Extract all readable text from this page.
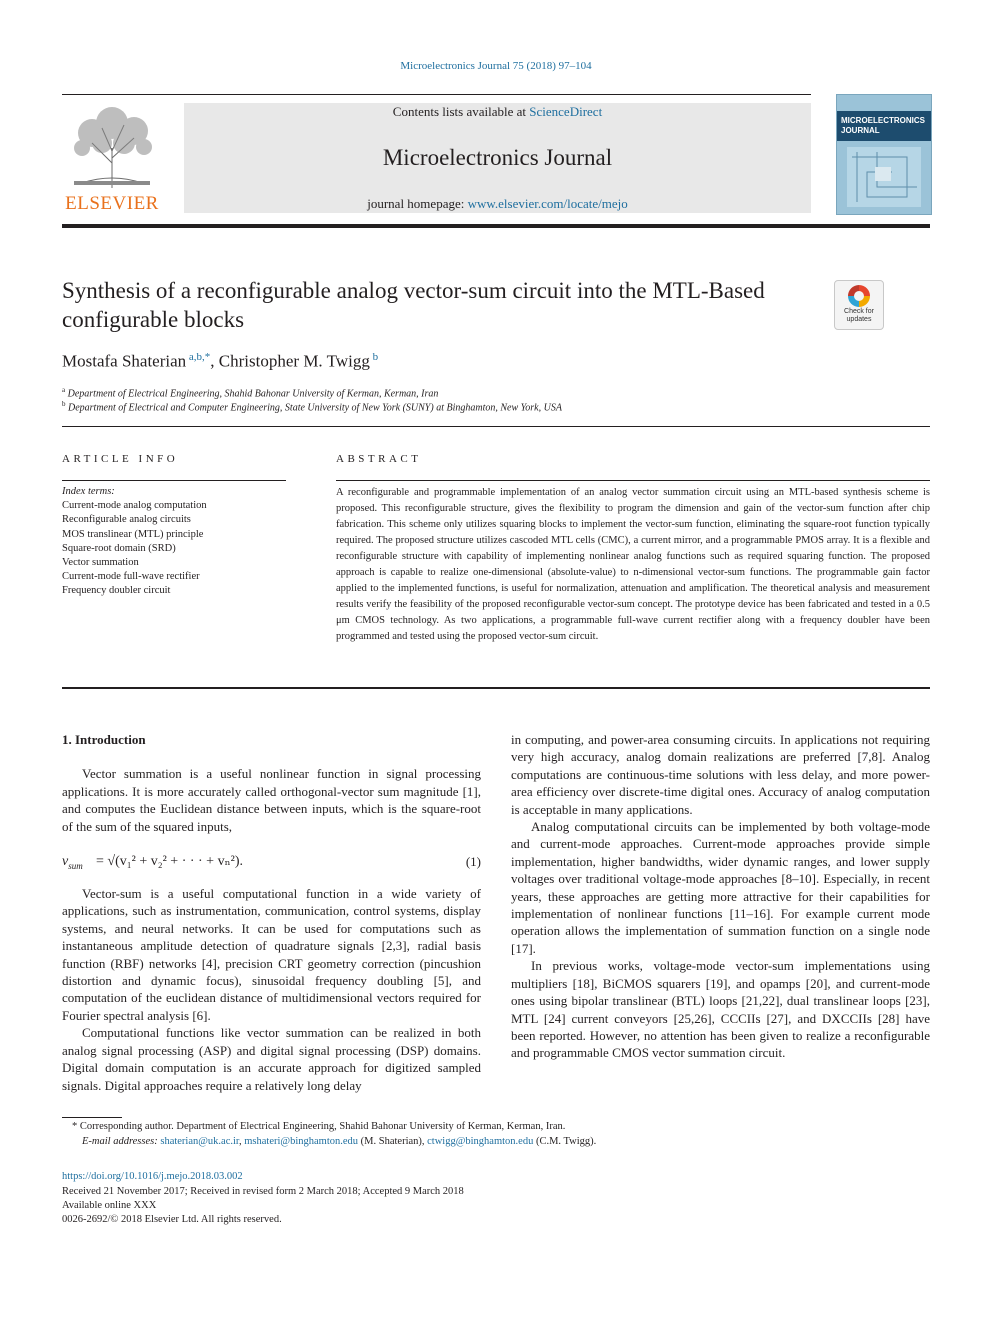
Microelectronics Journal 75 (2018) 97–104
ELSEVIER
Contents lists available at ScienceDirect
Microelectronics Journal
journal homepage: www.elsevier.com/locate/mejo
MICROELECTRONICS JOURNAL
Synthesis of a reconfigurable analog vector-sum circuit into the MTL-Based configurable blocks	Check for updates
Mostafa Shaterian $^{a,b,*}$, Christopher M. Twigg $^b$
$^a$ Department of Electrical Engineering, Shahid Bahonar University of Kerman, Kerman, Iran
$^b$ Department of Electrical and Computer Engineering, State University of New York (SUNY) at Binghamton, New York, USA
ARTICLE INFO	ABSTRACT
Index terms:
Current-mode analog computation
Reconfigurable analog circuits
MOS translinear (MTL) principle
Square-root domain (SRD)
Vector summation
Current-mode full-wave rectifier
Frequency doubler circuit
A reconfigurable and programmable implementation of an analog vector summation circuit using an MTL-based synthesis scheme is proposed. This reconfigurable structure, gives the flexibility to program the dimension and gain of the vector-sum function after chip fabrication. This scheme only utilizes squaring blocks to implement the vector-sum function, eliminating the square-root function typically required. The proposed structure utilizes cascoded MTL cells (CMC), a current mirror, and a programmable PMOS array. It is a flexible and reconfigurable structure with capability of implementing nonlinear analog functions such as required squaring function. The proposed approach is capable to realize one-dimensional (absolute-value) to n-dimensional vector-sum functions. The programmable gain factor applied to the implemented functions, is useful for normalization, attenuation and amplification. The theoretical analysis and measurement results verify the feasibility of the proposed reconfigurable vector-sum concept. The prototype device has been fabricated and tested in a 0.5 μm CMOS technology. As two applications, a programmable full-wave current rectifier along with a frequency doubler have been programmed and tested using the proposed vector-sum circuit.

1. Introduction

Vector summation is a useful nonlinear function in signal processing applications. It is more accurately called orthogonal-vector sum magnitude [1], and computes the Euclidean distance between inputs, which is the square-root of the sum of the squared inputs,

$v_{sum} = √(v_1^2 + v_2^2$ + · · · + vₙ²).	(1)

Vector-sum is a useful computational function in a wide variety of applications, such as instrumentation, communication, control systems, display systems, and neural networks. It can be used for computations such as instantaneous amplitude detection of quadrature signals [2,3], radial basis function (RBF) networks [4], precision CRT geometry correction (pincushion distortion and dynamic focus), sinusoidal frequency doubling [5], and computation of the euclidean distance of multidimensional vectors required for Fourier spectral analysis [6].

Computational functions like vector summation can be realized in both analog signal processing (ASP) and digital signal processing (DSP) domains. Digital domain computation is an accurate approach for digitized sampled signals. Digital approaches require a relatively long delay

in computing, and power-area consuming circuits. In applications not requiring very high accuracy, analog domain realizations are preferred [7,8]. Analog computations are continuous-time solutions with less delay, and more power-area efficiency over discrete-time digital ones. Accuracy of analog computation is acceptable in many applications.

Analog computational circuits can be implemented by both voltage-mode and current-mode approaches. Current-mode approaches provide simple implementation, higher bandwidths, wider dynamic ranges, and lower supply voltages over traditional voltage-mode approaches [8–10]. Especially, in recent years, these approaches are getting more attractive for their capabilities for implementation of nonlinear functions [11–16]. For example current mode operation allows the implementation of summation function on a single node [17].

In previous works, voltage-mode vector-sum implementations using multipliers [18], BiCMOS squarers [19], and opamps [20], and current-mode ones using bipolar translinear (BTL) loops [21,22], dual translinear loops [23], MTL [24] current conveyors [25,26], CCCIIs [27], and DXCCIIs [28] have been reported. However, no attention has been given to realize a reconfigurable and programmable CMOS vector summation circuit.

* Corresponding author. Department of Electrical Engineering, Shahid Bahonar University of Kerman, Kerman, Iran.
E-mail addresses: shaterian@uk.ac.ir, mshateri@binghamton.edu (M. Shaterian), ctwigg@binghamton.edu (C.M. Twigg).
https://doi.org/10.1016/j.mejo.2018.03.002
Received 21 November 2017; Received in revised form 2 March 2018; Accepted 9 March 2018
Available online XXX
0026-2692/© 2018 Elsevier Ltd. All rights reserved.
